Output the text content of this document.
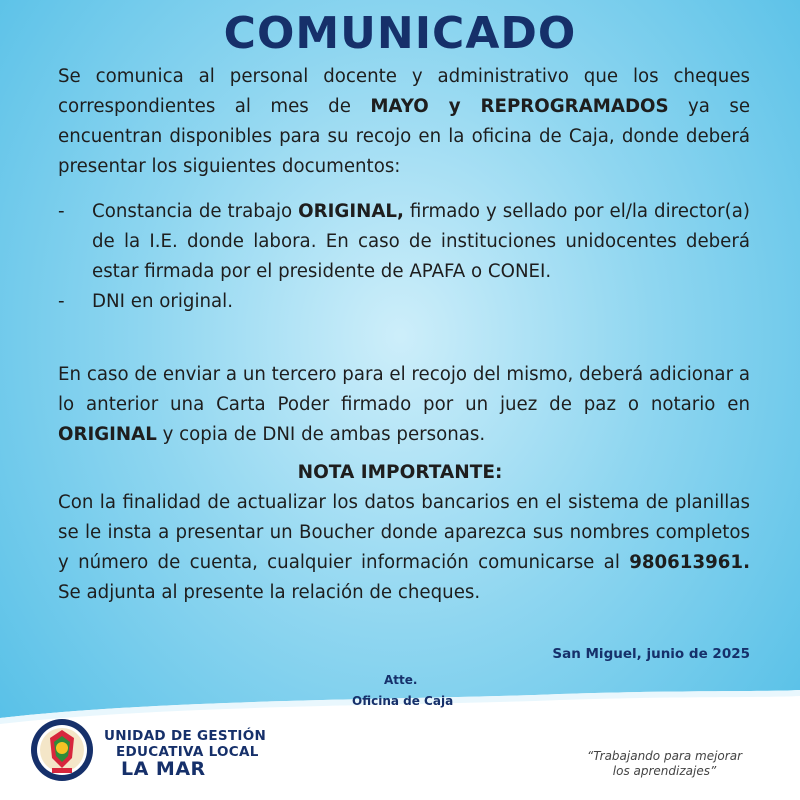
COMUNICADO
Se comunica al personal docente y administrativo que los cheques correspondientes al mes de MAYO y REPROGRAMADOS ya se encuentran disponibles para su recojo en la oficina de Caja, donde deberá presentar los siguientes documentos:
- Constancia de trabajo ORIGINAL, firmado y sellado por el/la director(a) de la I.E. donde labora. En caso de instituciones unidocentes deberá estar firmada por el presidente de APAFA o CONEI.
- DNI en original.
En caso de enviar a un tercero para el recojo del mismo, deberá adicionar a lo anterior una Carta Poder firmado por un juez de paz o notario en ORIGINAL y copia de DNI de ambas personas.
NOTA IMPORTANTE:
Con la finalidad de actualizar los datos bancarios en el sistema de planillas se le insta a presentar un Boucher donde aparezca sus nombres completos y número de cuenta, cualquier información comunicarse al 980613961. Se adjunta al presente la relación de cheques.
San Miguel, junio de 2025
Atte.
Oficina de Caja
UNIDAD DE GESTIÓN
EDUCATIVA LOCAL
LA MAR
“Trabajando para mejorar
los aprendizajes”
